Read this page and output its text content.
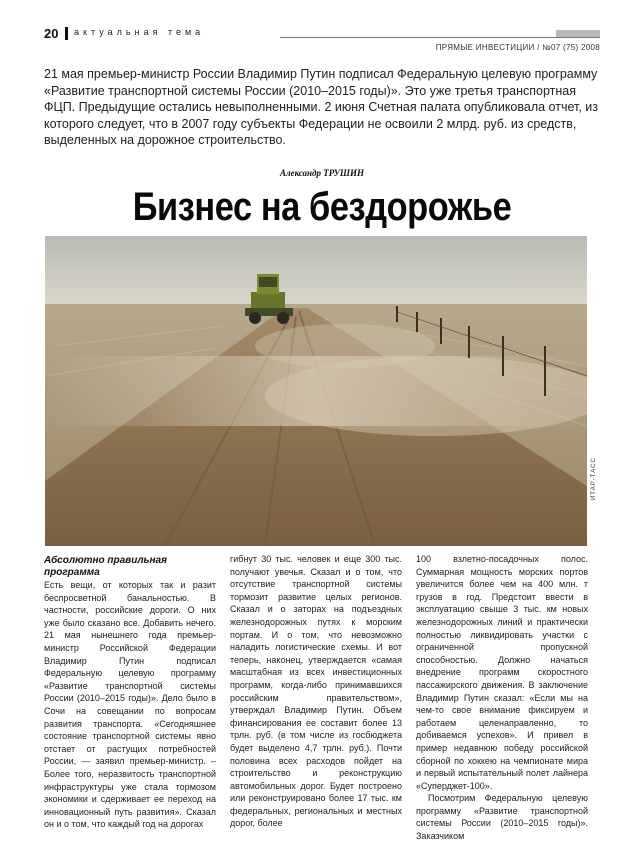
20 актуальная тема
ПРЯМЫЕ ИНВЕСТИЦИИ / №07 (75) 2008

21 мая премьер-министр России Владимир Путин подписал Федеральную целевую программу «Развитие транспортной системы России (2010–2015 годы)». Это уже третья транспортная ФЦП. Предыдущие остались невыполненными. 2 июня Счетная палата опубликовала отчет, из которого следует, что в 2007 году субъекты Федерации не освоили 2 млрд. руб. из средств, выделенных на дорожное строительство.

Александр ТРУШИН
Бизнес на бездорожье
ИТАР-ТАСС
Абсолютно правильная программа

Есть вещи, от которых так и разит беспросветной банальностью. В частности, российские дороги. О них уже было сказано все. Добавить нечего. 21 мая нынешнего года премьер-министр Российской Федерации Владимир Путин подписал Федеральную целевую программу «Развитие транспортной системы России (2010–2015 годы)». Дело было в Сочи на совещании по вопросам развития транспорта. «Сегодняшнее состояние транспортной системы явно отстает от растущих потребностей России, — заявил премьер-министр. – Более того, неразвитость транспортной инфраструктуры уже стала тормозом экономики и сдерживает ее переход на инновационный путь развития». Сказал он и о том, что каждый год на дорогах

гибнут 30 тыс. человек и еще 300 тыс. получают увечья. Сказал и о том, что отсутствие транспортной системы тормозит развитие целых регионов. Сказал и о заторах на подъездных железнодорожных путях к морским портам. И о том, что невозможно наладить логистические схемы. И вот теперь, наконец, утверждается «самая масштабная из всех инвестиционных программ, когда-либо принимавшихся российским правительством», утверждал Владимир Путин. Объем финансирования ее составит более 13 трлн. руб. (в том числе из госбюджета будет выделено 4,7 трлн. руб.). Почти половина всех расходов пойдет на строительство и реконструкцию автомобильных дорог. Будет построено или реконструировано более 17 тыс. км федеральных, региональных и местных дорог, более

100 взлетно-посадочных полос. Суммарная мощность морских портов увеличится более чем на 400 млн. т грузов в год. Предстоит ввести в эксплуатацию свыше 3 тыс. км новых железнодорожных линий и практически полностью ликвидировать участки с ограниченной пропускной способностью. Должно начаться внедрение программ скоростного пассажирского движения. В заключение Владимир Путин сказал: «Если мы на чем-то свое внимание фиксируем и работаем целенаправленно, то добиваемся успехов». И привел в пример недавнюю победу российской сборной по хоккею на чемпионате мира и первый испытательный полет лайнера «Суперджет-100».

Посмотрим Федеральную целевую программу «Развитие транспортной системы России (2010–2015 годы)». Заказчиком
